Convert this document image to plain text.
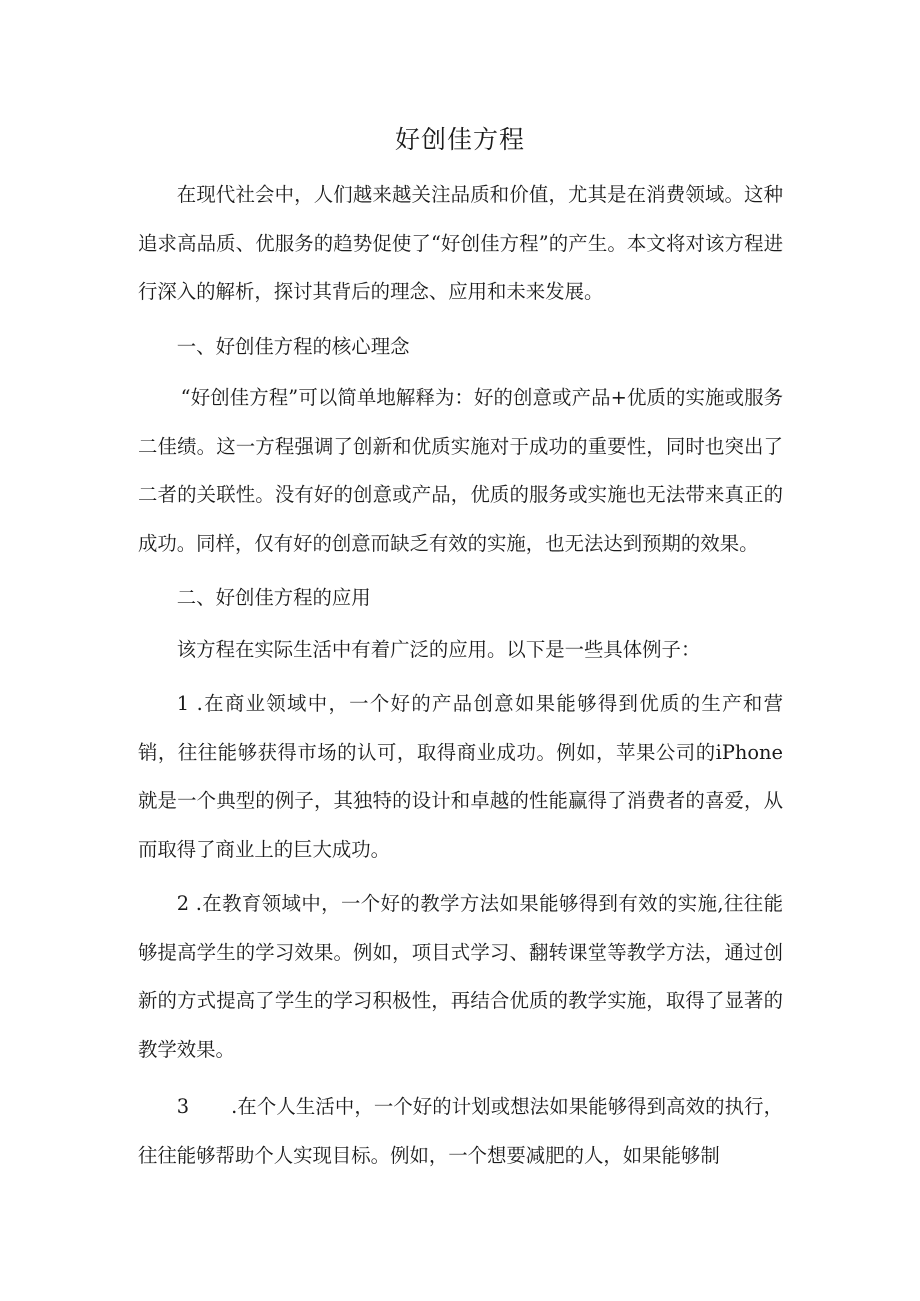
好创佳方程

在现代社会中，人们越来越关注品质和价值，尤其是在消费领域。这种追求高品质、优服务的趋势促使了“好创佳方程”的产生。本文将对该方程进行深入的解析，探讨其背后的理念、应用和未来发展。

一、好创佳方程的核心理念

“好创佳方程”可以简单地解释为：好的创意或产品+优质的实施或服务二佳绩。这一方程强调了创新和优质实施对于成功的重要性，同时也突出了二者的关联性。没有好的创意或产品，优质的服务或实施也无法带来真正的成功。同样，仅有好的创意而缺乏有效的实施，也无法达到预期的效果。

二、好创佳方程的应用

该方程在实际生活中有着广泛的应用。以下是一些具体例子：

1 .在商业领域中，一个好的产品创意如果能够得到优质的生产和营销，往往能够获得市场的认可，取得商业成功。例如，苹果公司的iPhone就是一个典型的例子，其独特的设计和卓越的性能赢得了消费者的喜爱，从而取得了商业上的巨大成功。

2 .在教育领域中，一个好的教学方法如果能够得到有效的实施,往往能够提高学生的学习效果。例如，项目式学习、翻转课堂等教学方法，通过创新的方式提高了学生的学习积极性，再结合优质的教学实施，取得了显著的教学效果。

3 .在个人生活中，一个好的计划或想法如果能够得到高效的执行，往往能够帮助个人实现目标。例如，一个想要减肥的人，如果能够制
